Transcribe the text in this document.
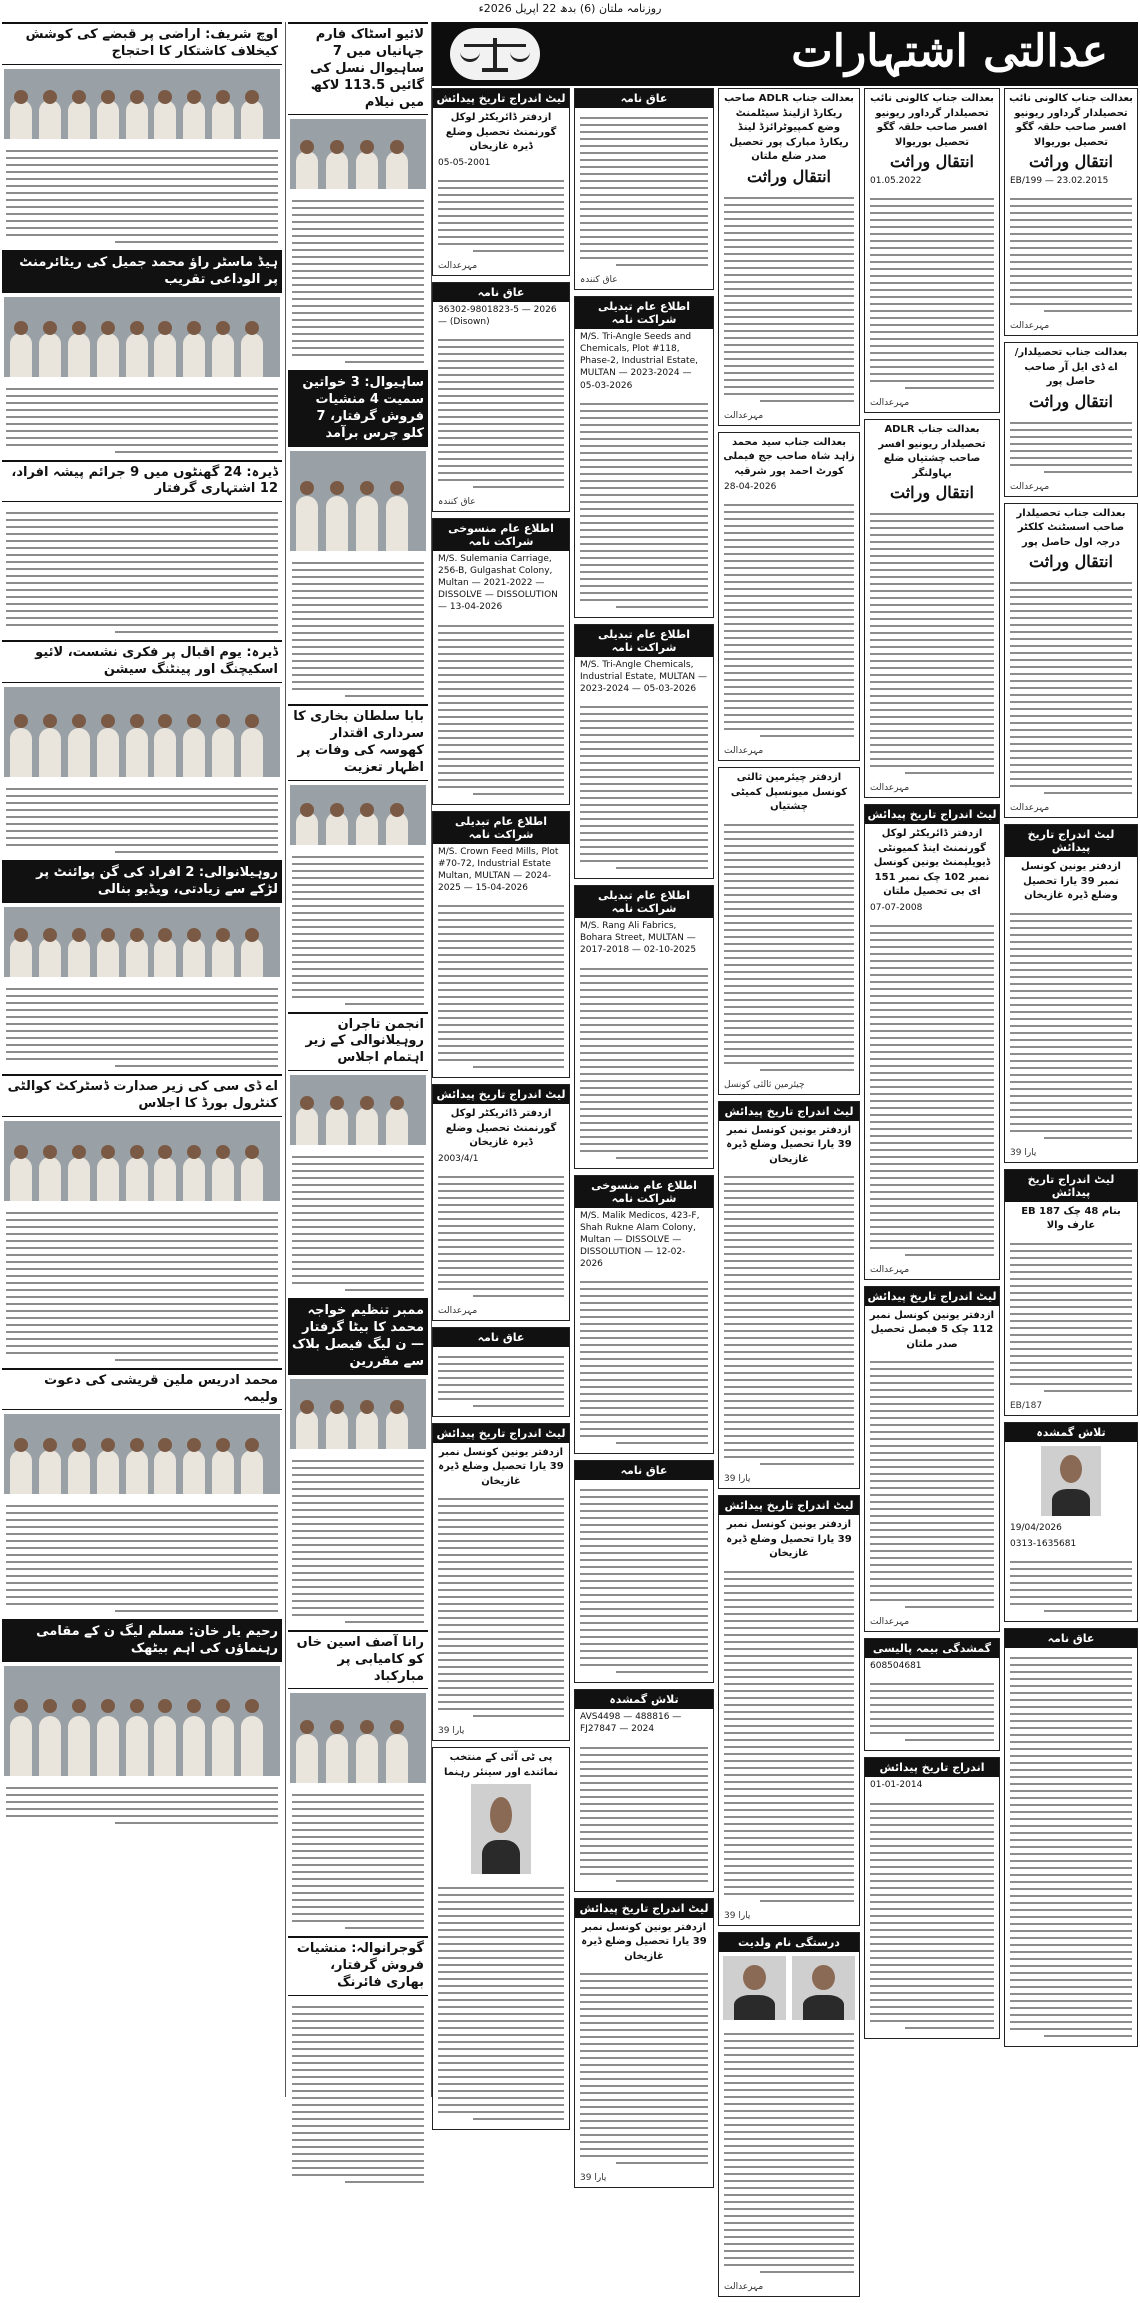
روزنامہ ملتان (6) بدھ 22 اپریل 2026ء
عدالتی اشتہارات
بعدالت جناب کالونی نائب تحصیلدار گرداور ریونیو افسر صاحب حلقہ گگو تحصیل بوریوالا
انتقال وراثت
EB/199 — 23.02.2015
مہرعدالت
بعدالت جناب تحصیلدار/ اے ڈی ایل آر صاحب حاصل پور
انتقال وراثت
مہرعدالت
بعدالت جناب تحصیلدار صاحب اسسٹنٹ کلکٹر درجہ اول حاصل پور
انتقال وراثت
مہرعدالت
لیٹ اندراج تاریخ پیدائش
ازدفتر یونین کونسل نمبر 39 یارا تحصیل وضلع ڈیرہ غازیخان
39 یارا
لیٹ اندراج تاریخ پیدائش
بنام 48 چک EB 187 عارف والا
EB/187
تلاش گمشدہ
19/04/2026
0313-1635681
عاق نامہ
بعدالت جناب کالونی نائب تحصیلدار گرداور ریونیو افسر صاحب حلقہ گگو تحصیل بوریوالا
انتقال وراثت
01.05.2022
مہرعدالت
بعدالت جناب ADLR تحصیلدار ریونیو افسر صاحب چشتیاں ضلع بہاولنگر
انتقال وراثت
مہرعدالت
لیٹ اندراج تاریخ پیدائش
ازدفتر ڈائریکٹر لوکل گورنمنٹ اینڈ کمیونٹی ڈیویلپمنٹ یونین کونسل نمبر 102 چک نمبر 151 ای بی تحصیل ملتان
07-07-2008
مہرعدالت
لیٹ اندراج تاریخ پیدائش
ازدفتر یونین کونسل نمبر 112 چک 5 فیصل تحصیل صدر ملتان
مہرعدالت
گمشدگی بیمہ پالیسی
608504681
اندراج تاریخ پیدائش
01-01-2014
بعدالت جناب ADLR صاحب ریکارڈ ازلینڈ سیٹلمنٹ وضع کمپیوٹرائزڈ لینڈ ریکارڈ مبارک پور تحصیل صدر ضلع ملتان
انتقال وراثت
مہرعدالت
بعدالت جناب سید محمد زاہد شاہ صاحب جج فیملی کورٹ احمد پور شرقیہ
28-04-2026
مہرعدالت
ازدفتر چیئرمین ثالثی کونسل میونسپل کمیٹی چشتیاں
چیئرمین ثالثی کونسل
لیٹ اندراج تاریخ پیدائش
ازدفتر یونین کونسل نمبر 39 یارا تحصیل وضلع ڈیرہ غازیخان
39 یارا
لیٹ اندراج تاریخ پیدائش
ازدفتر یونین کونسل نمبر 39 یارا تحصیل وضلع ڈیرہ غازیخان
39 یارا
درستگی نام ولدیت
مہرعدالت
عاق نامہ
عاق کنندہ
اطلاع عام تبدیلی شراکت نامہ
M/S. Tri-Angle Seeds and Chemicals, Plot #118, Phase-2, Industrial Estate, MULTAN — 2023-2024 — 05-03-2026
اطلاع عام تبدیلی شراکت نامہ
M/S. Tri-Angle Chemicals, Industrial Estate, MULTAN — 2023-2024 — 05-03-2026
اطلاع عام تبدیلی شراکت نامہ
M/S. Rang Ali Fabrics, Bohara Street, MULTAN — 2017-2018 — 02-10-2025
اطلاع عام منسوخی شراکت نامہ
M/S. Malik Medicos, 423-F, Shah Rukne Alam Colony, Multan — DISSOLVE — DISSOLUTION — 12-02-2026
عاق نامہ
تلاش گمشدہ
AVS4498 — 488816 — FJ27847 — 2024
لیٹ اندراج تاریخ پیدائش
ازدفتر یونین کونسل نمبر 39 یارا تحصیل وضلع ڈیرہ غازیخان
39 یارا
لیٹ اندراج تاریخ پیدائش
ازدفتر ڈائریکٹر لوکل گورنمنٹ تحصیل وضلع ڈیرہ غازیخان
05-05-2001
مہرعدالت
عاق نامہ
36302-9801823-5 — 2026 — (Disown)
عاق کنندہ
اطلاع عام منسوخی شراکت نامہ
M/S. Sulemania Carriage, 256-B, Gulgashat Colony, Multan — 2021-2022 — DISSOLVE — DISSOLUTION — 13-04-2026
اطلاع عام تبدیلی شراکت نامہ
M/S. Crown Feed Mills, Plot #70-72, Industrial Estate Multan, MULTAN — 2024-2025 — 15-04-2026
لیٹ اندراج تاریخ پیدائش
ازدفتر ڈائریکٹر لوکل گورنمنٹ تحصیل وضلع ڈیرہ غازیخان
2003/4/1
مہرعدالت
عاق نامہ
لیٹ اندراج تاریخ پیدائش
ازدفتر یونین کونسل نمبر 39 یارا تحصیل وضلع ڈیرہ غازیخان
39 یارا
پی ٹی آئی کے منتخب نمائندے اور سینئر رہنما
لائیو اسٹاک فارم جہانیاں میں 7 ساہیوال نسل کی گائیں 113.5 لاکھ میں نیلام
ساہیوال: 3 خواتین سمیت 4 منشیات فروش گرفتار، 7 کلو چرس برآمد
بابا سلطان بخاری کا سرداری اقتدار کھوسہ کی وفات پر اظہار تعزیت
انجمن تاجران روہیلانوالی کے زیر اہتمام اجلاس
ممبر تنظیم خواجہ محمد کا بیٹا گرفتار — ن لیگ فیصل بلاک سے مقررین
رانا آصف اسین خاں کو کامیابی پر مبارکباد
گوجرانوالہ: منشیات فروش گرفتار، بھاری فائرنگ
اوچ شریف: اراضی پر قبضے کی کوشش کیخلاف کاشتکار کا احتجاج
ہیڈ ماسٹر راؤ محمد جمیل کی ریٹائرمنٹ پر الوداعی تقریب
ڈیرہ: 24 گھنٹوں میں 9 جرائم پیشہ افراد، 12 اشتہاری گرفتار
ڈیرہ: یوم اقبال پر فکری نشست، لائیو اسکیچنگ اور پینٹنگ سیشن
روہیلانوالی: 2 افراد کی گن پوائنٹ پر لڑکے سے زیادتی، ویڈیو بنالی
اے ڈی سی کی زیر صدارت ڈسٹرکٹ کوالٹی کنٹرول بورڈ کا اجلاس
محمد ادریس ملین قریشی کی دعوت ولیمہ
رحیم یار خان: مسلم لیگ ن کے مقامی رہنماؤں کی اہم بیٹھک
